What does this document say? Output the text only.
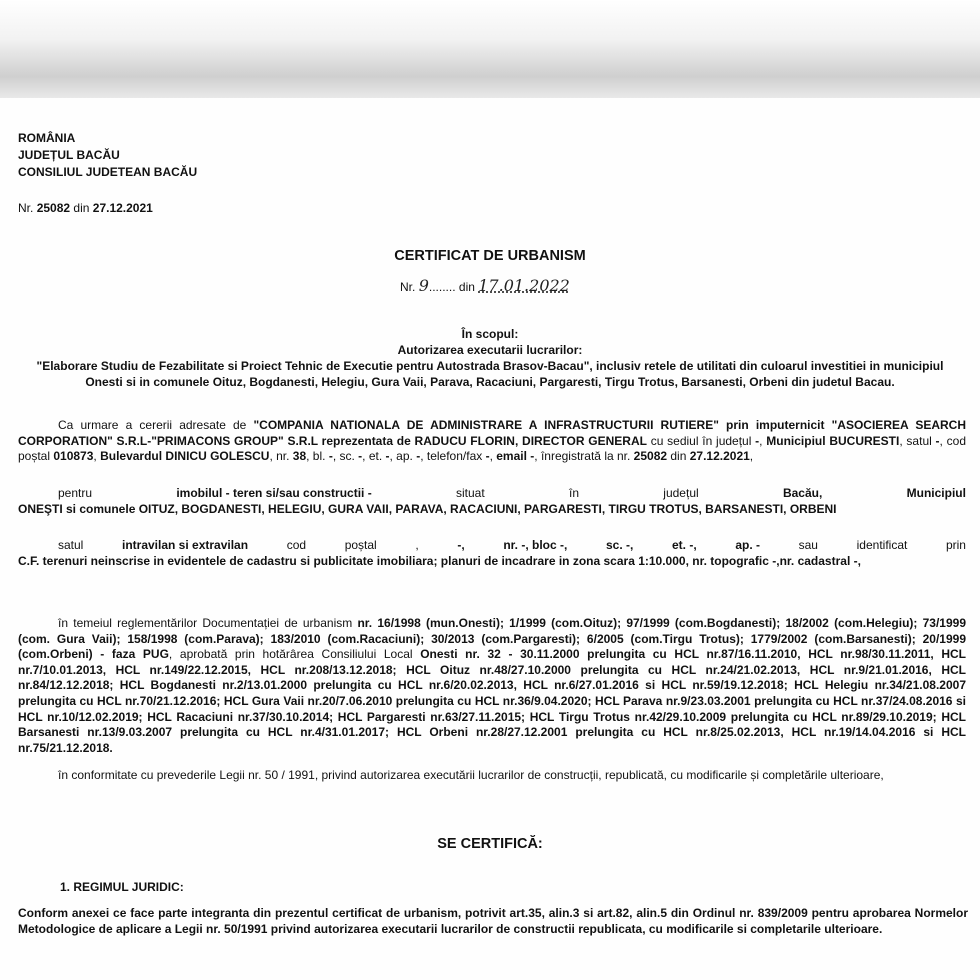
ROMÂNIA
JUDEȚUL BACĂU
CONSILIUL JUDETEAN BACĂU
Nr. 25082 din 27.12.2021
CERTIFICAT DE URBANISM
Nr. 9........ din 17.01.2022
În scopul:
Autorizarea executarii lucrarilor:
"Elaborare Studiu de Fezabilitate si Proiect Tehnic de Executie pentru Autostrada Brasov-Bacau", inclusiv retele de utilitati din culoarul investitiei in municipiul Onesti si in comunele Oituz, Bogdanesti, Helegiu, Gura Vaii, Parava, Racaciuni, Pargaresti, Tirgu Trotus, Barsanesti, Orbeni din judetul Bacau.
Ca urmare a cererii adresate de "COMPANIA NATIONALA DE ADMINISTRARE A INFRASTRUCTURII RUTIERE" prin imputernicit "ASOCIEREA SEARCH CORPORATION" S.R.L-"PRIMACONS GROUP" S.R.L reprezentata de RADUCU FLORIN, DIRECTOR GENERAL cu sediul în județul -, Municipiul BUCURESTI, satul -, cod poștal 010873, Bulevardul DINICU GOLESCU, nr. 38, bl. -, sc. -, et. -, ap. -, telefon/fax -, email -, înregistrată la nr. 25082 din 27.12.2021,
pentru	imobilul - teren si/sau constructii -	situat	în	județul	Bacău,	Municipiul
ONEŞTI si comunele OITUZ, BOGDANESTI, HELEGIU, GURA VAII, PARAVA, RACACIUNI, PARGARESTI, TIRGU TROTUS, BARSANESTI, ORBENI
satul	intravilan si extravilan	cod	poștal	,	-,	nr. -, bloc -,	sc. -,	et. -,	ap. -	sau	identificat	prin
C.F. terenuri neinscrise in evidentele de cadastru si publicitate imobiliara; planuri de incadrare in zona scara 1:10.000, nr. topografic -,nr. cadastral -,
în temeiul reglementărilor Documentației de urbanism nr. 16/1998 (mun.Onesti); 1/1999 (com.Oituz); 97/1999 (com.Bogdanesti); 18/2002 (com.Helegiu); 73/1999 (com. Gura Vaii); 158/1998 (com.Parava); 183/2010 (com.Racaciuni); 30/2013 (com.Pargaresti); 6/2005 (com.Tirgu Trotus); 1779/2002 (com.Barsanesti); 20/1999 (com.Orbeni) - faza PUG, aprobată prin hotărârea Consiliului Local Onesti nr. 32 - 30.11.2000 prelungita cu HCL nr.87/16.11.2010, HCL nr.98/30.11.2011, HCL nr.7/10.01.2013, HCL nr.149/22.12.2015, HCL nr.208/13.12.2018; HCL Oituz nr.48/27.10.2000 prelungita cu HCL nr.24/21.02.2013, HCL nr.9/21.01.2016, HCL nr.84/12.12.2018; HCL Bogdanesti nr.2/13.01.2000 prelungita cu HCL nr.6/20.02.2013, HCL nr.6/27.01.2016 si HCL nr.59/19.12.2018; HCL Helegiu nr.34/21.08.2007 prelungita cu HCL nr.70/21.12.2016; HCL Gura Vaii nr.20/7.06.2010 prelungita cu HCL nr.36/9.04.2020; HCL Parava nr.9/23.03.2001 prelungita cu HCL nr.37/24.08.2016 si HCL nr.10/12.02.2019; HCL Racaciuni nr.37/30.10.2014; HCL Pargaresti nr.63/27.11.2015; HCL Tirgu Trotus nr.42/29.10.2009 prelungita cu HCL nr.89/29.10.2019; HCL Barsanesti nr.13/9.03.2007 prelungita cu HCL nr.4/31.01.2017; HCL Orbeni nr.28/27.12.2001 prelungita cu HCL nr.8/25.02.2013, HCL nr.19/14.04.2016 si HCL nr.75/21.12.2018.
în conformitate cu prevederile Legii nr. 50 / 1991, privind autorizarea executării lucrarilor de construcții, republicată, cu modificarile și completările ulterioare,
SE CERTIFICĂ:
1. REGIMUL JURIDIC:
Conform anexei ce face parte integranta din prezentul certificat de urbanism, potrivit art.35, alin.3 si art.82, alin.5 din Ordinul nr. 839/2009 pentru aprobarea Normelor Metodologice de aplicare a Legii nr. 50/1991 privind autorizarea executarii lucrarilor de constructii republicata, cu modificarile si completarile ulterioare.
